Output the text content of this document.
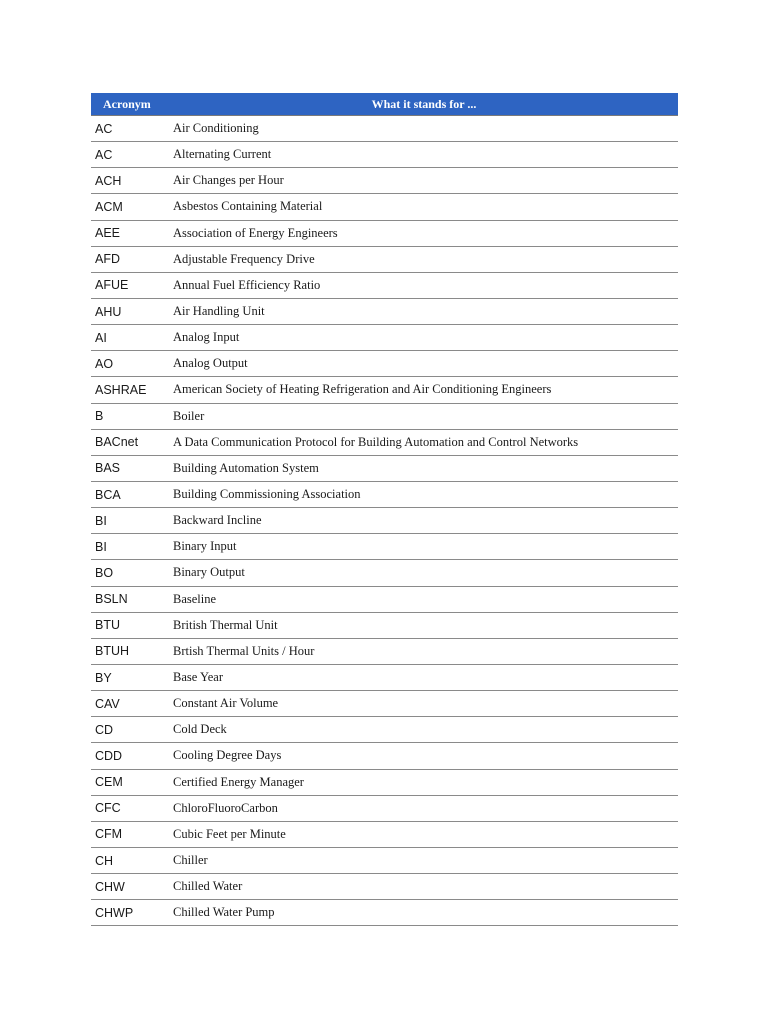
Acronym	What it stands for ...
AC	Air Conditioning
AC	Alternating Current
ACH	Air Changes per Hour
ACM	Asbestos Containing Material
AEE	Association of Energy Engineers
AFD	Adjustable Frequency Drive
AFUE	Annual Fuel Efficiency Ratio
AHU	Air Handling Unit
AI	Analog Input
AO	Analog Output
ASHRAE	American Society of Heating Refrigeration and Air Conditioning Engineers
B	Boiler
BACnet	A Data Communication Protocol for Building Automation and Control Networks
BAS	Building Automation System
BCA	Building Commissioning Association
BI	Backward Incline
BI	Binary Input
BO	Binary Output
BSLN	Baseline
BTU	British Thermal Unit
BTUH	Brtish Thermal Units / Hour
BY	Base Year
CAV	Constant Air Volume
CD	Cold Deck
CDD	Cooling Degree Days
CEM	Certified Energy Manager
CFC	ChloroFluoroCarbon
CFM	Cubic Feet per Minute
CH	Chiller
CHW	Chilled Water
CHWP	Chilled Water Pump
